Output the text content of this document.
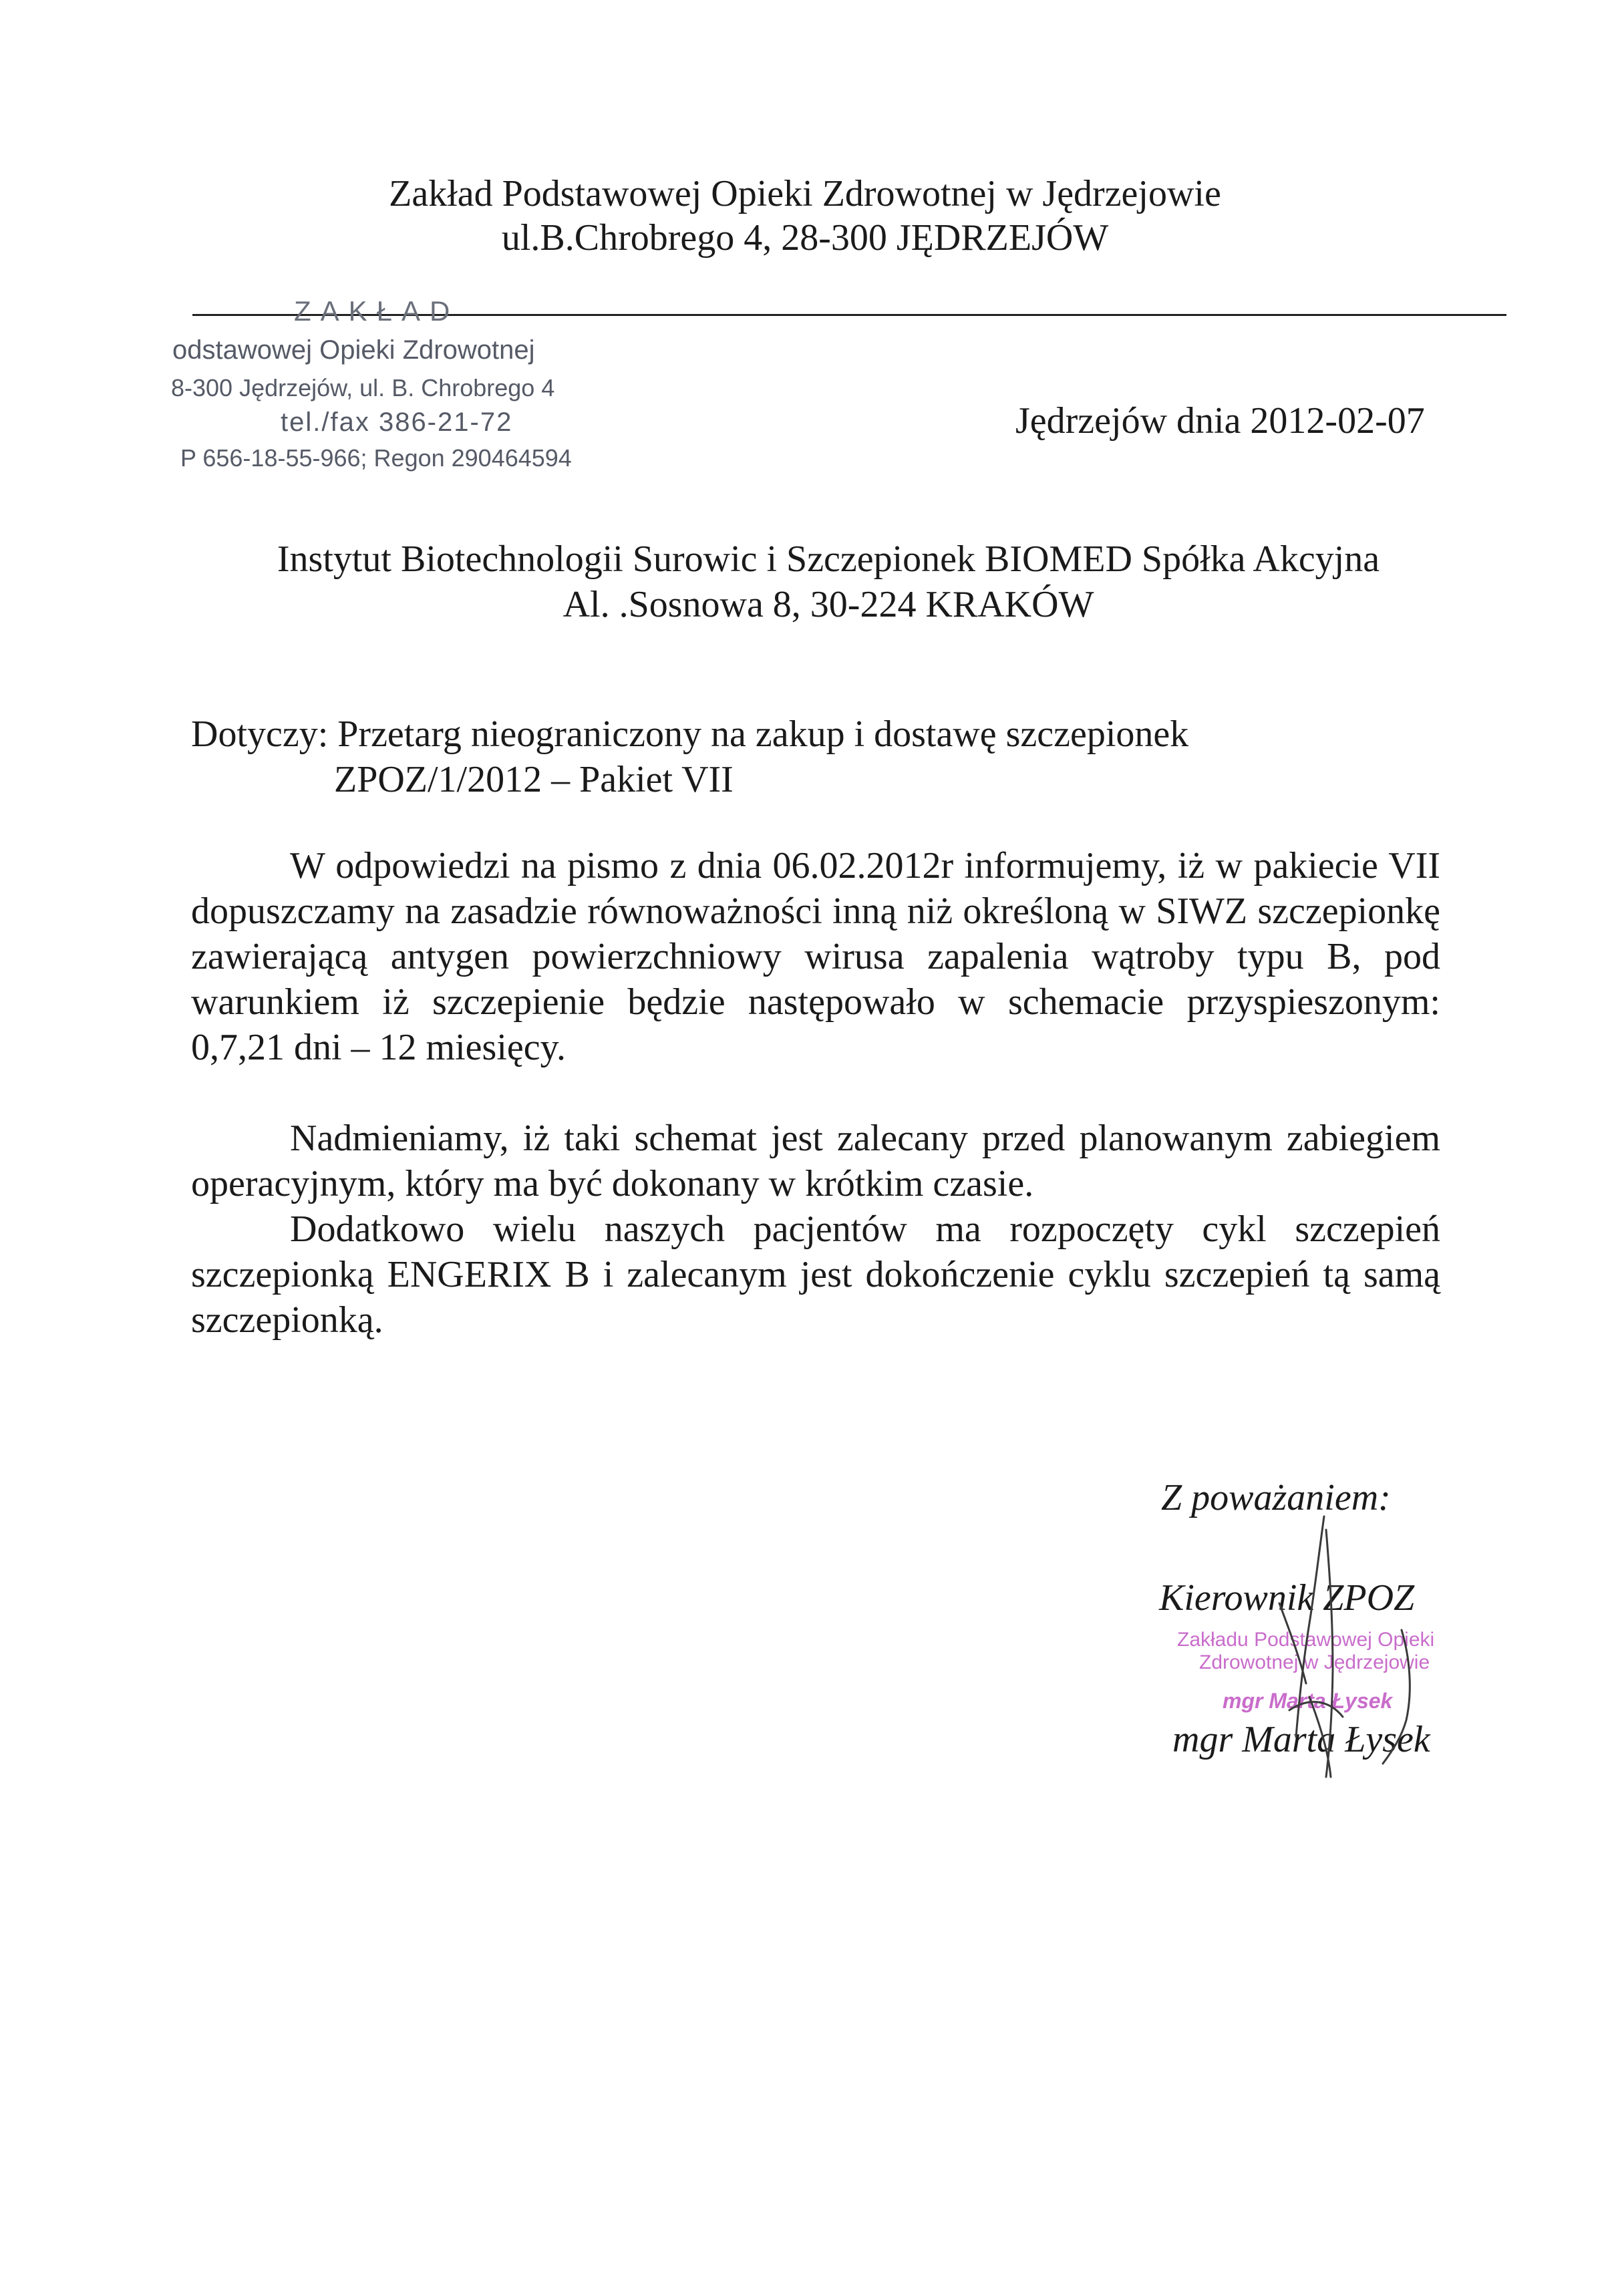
Zakład Podstawowej Opieki Zdrowotnej w Jędrzejowie
ul.B.Chrobrego 4, 28-300 JĘDRZEJÓW
ZAKŁAD
odstawowej Opieki Zdrowotnej
8-300 Jędrzejów, ul. B. Chrobrego 4
tel./fax 386-21-72
P 656-18-55-966; Regon 290464594
Jędrzejów dnia 2012-02-07
Instytut Biotechnologii Surowic i Szczepionek BIOMED Spółka Akcyjna
Al. .Sosnowa 8, 30-224 KRAKÓW
Dotyczy: Przetarg nieograniczony na zakup i dostawę szczepionek
ZPOZ/1/2012 – Pakiet VII

W odpowiedzi na pismo z dnia 06.02.2012r informujemy, iż w pakiecie VII dopuszczamy na zasadzie równoważności inną niż określoną w SIWZ szczepionkę zawierającą antygen powierzchniowy wirusa zapalenia wątroby typu B, pod warunkiem iż szczepienie będzie następowało w schemacie przyspieszonym: 0,7,21 dni – 12 miesięcy.

Nadmieniamy, iż taki schemat jest zalecany przed planowanym zabiegiem operacyjnym, który ma być dokonany w krótkim czasie.

Dodatkowo wielu naszych pacjentów ma rozpoczęty cykl szczepień szczepionką ENGERIX B i zalecanym jest dokończenie cyklu szczepień tą samą szczepionką.

Z poważaniem:
Kierownik ZPOZ
mgr Marta Łysek
Zakładu Podstawowej Opieki
Zdrowotnej w Jędrzejowie
mgr Marta Łysek
